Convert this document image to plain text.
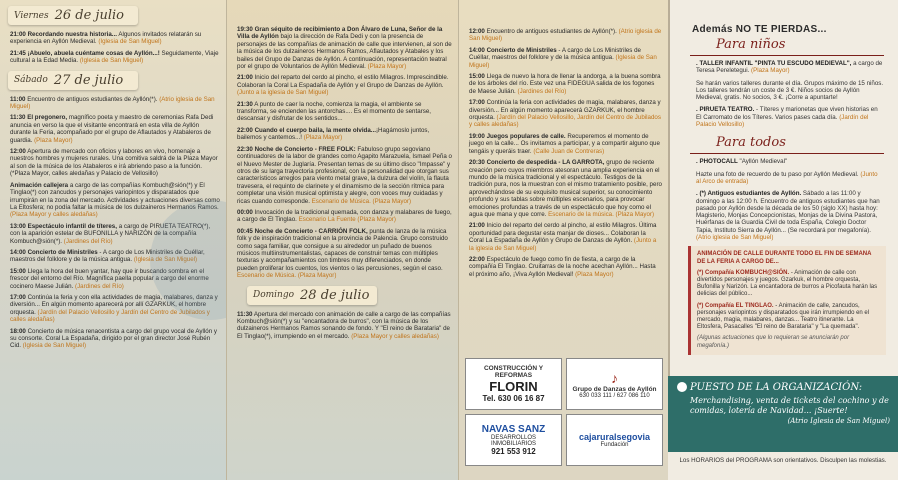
Viernes 26 de julio
21:00 Recordando nuestra historia... Algunos invitados relatarán su experiencia en Ayllón Medieval. (Iglesia de San Miguel)
21:45 ¡Abuelo, abuela cuéntame cosas de Ayllón...! Seguidamente, Viaje cultural a la Edad Media. (Iglesia de San Miguel)
Sábado 27 de julio
11:00 Encuentro de antiguos estudiantes de Ayllón(*). (Atrio iglesia de San Miguel)
11:30 El pregonero, magnífico poeta y maestro de ceremonias Rafa Dedi anuncia en verso la que el visitante encontrará en esta villa de Ayllón durante la Feria, acompañado por el grupo de Aflautados y Atabaleros de guardia. (Plaza Mayor)
12:00 Apertura de mercado con oficios y labores en vivo, homenaje a nuestros hombres y mujeres rurales. Una comitiva saldrá de la Plaza Mayor al son de la música de los Atabaleros e irá abriendo paso a la función. (*Plaza Mayor, calles aledañas y Palacio de Vellosillo)
Animación callejera a cargo de las compañías Kombuch@sión(*) y El Tinglao(*) con zancudos y personajes variopintos y disparatados que irrumpirán en la zona del mercado. Actividades y actuaciones diversas como La Eltosfera; no podía faltar la música de los dulzaineros Hermanos Ramos. (Plaza Mayor y calles aledañas)
13:00 Espectáculo infantil de títeres, a cargo de PIRUETA TEATRO(*), con la aparición estelar de BUFONILLA y NARIZÓN de la compañía Kombuch@sión(*). (Jardines del Río)
14:00 Concierto de Ministriles - A cargo de Los Ministriles de Cuéllar, maestros del folklore y de la música antigua. (Iglesia de San Miguel)
15:00 Llega la hora del buen yantar, hay que ir buscando sombra en el frescor del entorno del Río. Magnífica paella popular a cargo del enorme cocinero Maese Julián. (Jardines del Río)
17:00 Continúa la feria y con ella actividades de magia, malabares, danza y diversión... En algún momento aparecerá por allí GZARKUK, el hombre orquesta. (Jardín del Palacio Vellosillo y Jardín del Centro de Jubilados y calles aledañas)
18:00 Concierto de música renacentista a cargo del grupo vocal de Ayllón y su consorte. Coral La Espadaña, dirigido por el gran director José Rubén Cid. (Iglesia de San Miguel)
19:30 Gran séquito de recibimiento a Don Álvaro de Luna, Señor de la Villa de Ayllón bajo la dirección de Rafa Dedi y con la presencia de personajes de las compañías de animación de calle que intervienen, al son de la música de los dulzaineros Hermanos Ramos, Aflautados y Atabales y los bailes del Grupo de Danzas de Ayllón. A continuación, representación teatral por el grupo de Voluntarios de Ayllón Medieval. (Plaza Mayor)
21:00 Inicio del reparto del cerdo al pincho, el estilo Milagros. Imprescindible. Colaboran la Coral La Espadaña de Ayllón y el Grupo de Danzas de Ayllón. (Junto a la iglesia de San Miguel)
21:30 A punto de caer la noche, comienza la magia, el ambiente se transforma, se encienden las antorchas.... Es el momento de sentarse, descansar y disfrutar de los sentidos...
22:00 Cuando el cuerpo baila, la mente olvida...¡Hagámoslo juntos, bailemos y cantemos...! (Plaza Mayor)
22:30 Noche de Concierto - FREE FOLK: Fabuloso grupo segoviano continuadores de la labor de grandes como Agapito Marazuela, Ismael Peña o el Nuevo Mester de Juglaría. Presentan temas de su último disco "Impasse" y otros de su larga trayectoria profesional, con la personalidad que otorgan sus característicos arreglos para viento metal grave, la dulzura del violín, la flauta travesera, el requinto de clarinete y el dinamismo de la sección rítmica para completar una visión musical optimista y alegre, con voces muy cuidadas y ricas cuando corresponde. Escenario de Música. (Plaza Mayor)
00:00 Invocación de la tradicional quemada, con danza y malabares de fuego, a cargo de El Tinglao. Escenario La Fuente (Plaza Mayor)
00:45 Noche de Concierto - CARRIÓN FOLK, punta de lanza de la música folk y de inspiración tradicional en la provincia de Palencia. Grupo construido como saga familiar, que consigue a su alrededor un puñado de buenos músicos multiinstrumentalistas, capaces de construir temas con múltiples texturas y acompañamientos con timbres muy diferenciados, en donde pueden proliferar los cuentos, los vientos o las percusiones, según el caso. Escenario de Música. (Plaza Mayor)
Domingo 28 de julio
11:30 Apertura del mercado con animación de calle a cargo de las compañías Kombuch@sión(*) y su "encantadora de burros", con la música de los dulzaineros Hermanos Ramos sonando de fondo. Y "El reino de Barataria" de El Tinglao(*), irrumpiendo en el mercado. (Plaza Mayor y calles aledañas)
12:00 Encuentro de antiguos estudiantes de Ayllón(*). (Atrio iglesia de San Miguel)
14:00 Concierto de Ministriles - A cargo de Los Ministriles de Cuéllar, maestros del folklore y de la música antigua. (Iglesia de San Miguel)
15:00 Llega de nuevo la hora de llenar la andorga, a la buena sombra de los árboles del río. Este vez una FIDEGUA salida de los fogones de Maese Julián. (Jardines del Río)
17:00 Continúa la feria con actividades de magia, malabares, danza y diversión... En algún momento aparecerá GZARKUK, el hombre orquesta. (Jardín del Palacio Vellosillo, Jardín del Centro de Jubilados y calles aledañas)
19:00 Juegos populares de calle. Recuperemos el momento de juego en la calle... Os invitamos a participar, y a compartir alguno que tengáis y queráis traer. (Calle Juan de Contreras)
20:30 Concierto de despedida - LA GARROTA, grupo de reciente creación pero cuyos miembros atesoran una amplia experiencia en el mundo de la música tradicional y el espectáculo. Testigos de la tradición pura, nos la muestran con el mismo tratamiento posible, pero aprovechándose de su exquisito musical superior, su conocimiento profundo y sus tablas sobre múltiples escenarios, para provocar emociones profundas a través de un espectáculo que hoy como el agua que mana y que corre. Escenario de la música. (Plaza Mayor)
21:00 Inicio del reparto del cerdo al pincho, al estilo Milagros. Última oportunidad para degustar esta manjar de dioses... Colaboran la Coral La Espadaña de Ayllón y Grupo de Danzas de Ayllón. (Junto a la iglesia de San Miguel)
22:00 Espectáculo de fuego como fin de fiesta, a cargo de la compañía El Tinglao. Cruitarras de la noche acechan Ayllón... Hasta el próximo año, ¡Viva Ayllón Medieval! (Plaza Mayor)
CONSTRUCCIÓN Y REFORMAS
FLORIN
Tel. 630 06 16 87
♪
Grupo de Danzas de Ayllón
630 033 111 / 627 086 110
NAVAS SANZ
DESARROLLOS INMOBILIARIOS
921 553 912
cajaruralsegovia
Fundación
Además NO TE PIERDAS...
Para niños
. TALLER INFANTIL "PINTA TU ESCUDO MEDIEVAL", a cargo de Teresa Pereletegui. (Plaza Mayor)
Se harán varios talleres durante el día. Grupos máximo de 15 niños. Los talleres tendrán un coste de 3 €. Niños socios de Ayllón Medieval, gratis. No socios, 3 €. ¡Corre a apuntarte!
. PIRUETA TEATRO. - Títeres y marionetas que viven historias en El Carromato de los Títeres. Varios pases cada día. (Jardín del Palacio Vellosillo)
Para todos
. PHOTOCALL "Ayllón Medieval"
Hazte una foto de recuerdo de tu paso por Ayllón Medieval. (Junto al Arco de entrada)
. (*) Antiguos estudiantes de Ayllón. Sábado a las 11:00 y domingo a las 12:00 h. Encuentro de antiguos estudiantes que han pasado por Ayllón desde la década de los 50 (siglo XX) hasta hoy: Magisterio, Monjas Concepcionistas, Monjas de la Divina Pastora, Huérfanas de la Guardia Civil de toda España, Colegio Doctor Tapia, Instituto Sierra de Ayllón... (Se recordará por megafonía). (Atrio iglesia de San Miguel)
ANIMACIÓN DE CALLE DURANTE TODO EL FIN DE SEMANA DE LA FERIA A CARGO DE...
(*) Compañía KOMBUCH@SIÓN. - Animación de calle con divertidos personajes y juegos. Gzarkuk, el hombre orquesta, Bufonilla y Narizón. La encantadora de burros a Picofauta harán las delicias del público...
(*) Compañía EL TINGLAO. - Animación de calle, zancudos, personajes variopintos y disparatados que irán irrumpiendo en el mercado, magia, malabares, danzas... Teatro itinerante. La Eltosfera, Pasacalles "El reino de Barataria" y "La quemada".
(Algunas actuaciones que lo requieran se anunciarán por megafonía.)
PUESTO DE LA ORGANIZACIÓN:
Merchandising, venta de tickets del cochino y de comidas, lotería de Navidad... ¡Suerte!
(Atrio Iglesia de San Miguel)
Los HORARIOS del PROGRAMA son orientativos. Disculpen las molestias.
